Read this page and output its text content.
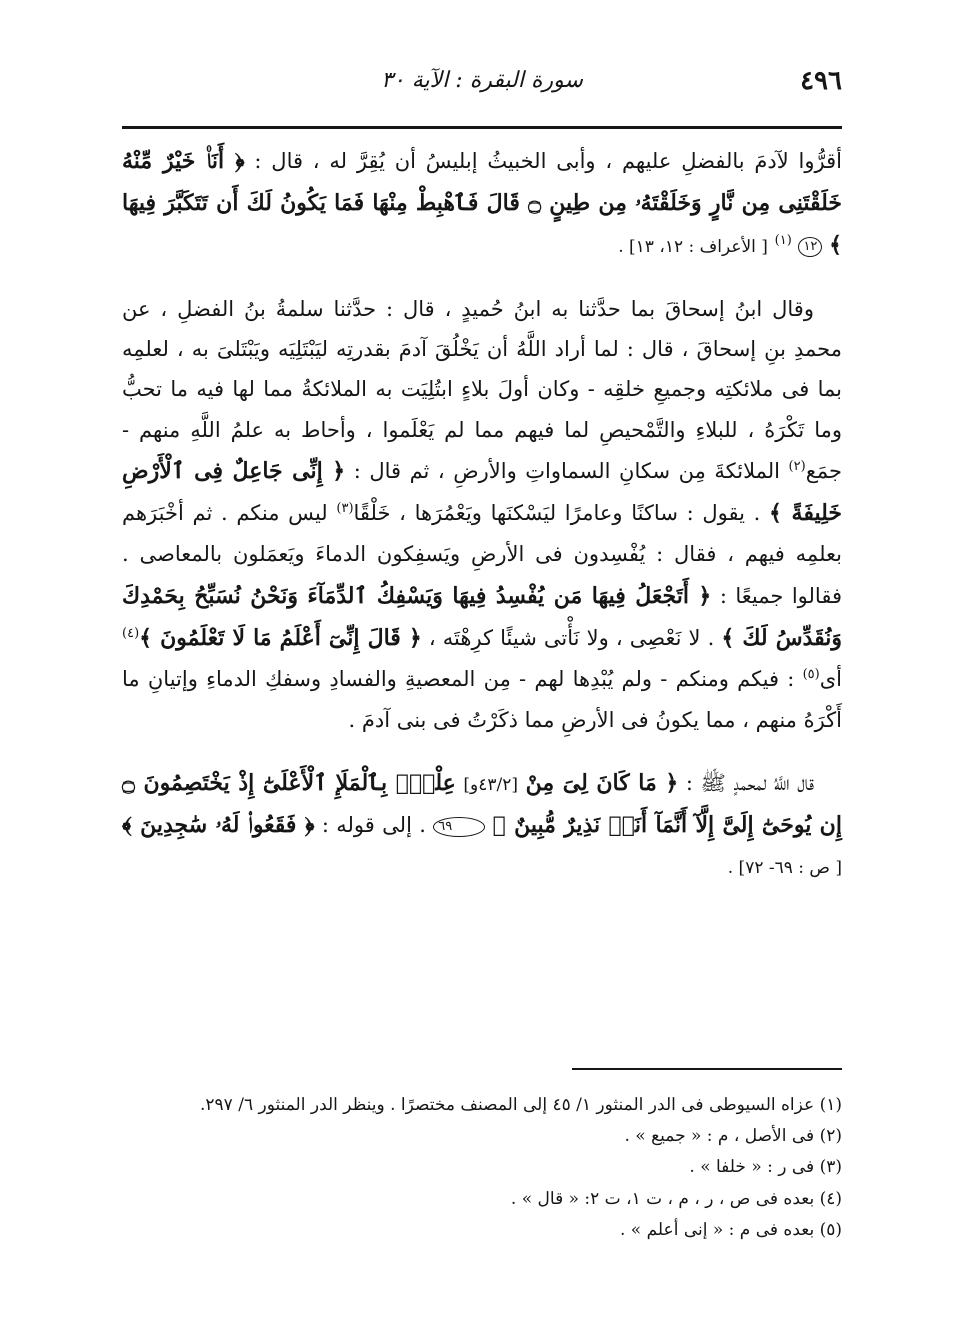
٤٩٦
سورة البقرة : الآية ٣٠

أقرُّوا لآدمَ بالفضلِ عليهم ، وأبى الخبيثُ إبليسُ أن يُقِرَّ له ، قال : ﴿ أَنَا۠ خَيْرٌ مِّنْهُ خَلَقْتَنِى مِن نَّارٍ وَخَلَقْتَهُۥ مِن طِينٍ ۝ قَالَ فَٱهْبِطْ مِنْهَا فَمَا يَكُونُ لَكَ أَن تَتَكَبَّرَ فِيهَا ﴾ ١٢ $^{(١)}$ [ الأعراف : ١٢، ١٣] .

وقال ابنُ إسحاقَ بما حدَّثنا به ابنُ حُميدٍ ، قال : حدَّثنا سلمةُ بنُ الفضلِ ، عن محمدِ بنِ إسحاقَ ، قال : لما أراد اللَّهُ أن يَخْلُقَ آدمَ بقدرتِه ليَبْتَلِيَه ويَبْتَلىَ به ، لعلمِه بما فى ملائكتِه وجميعِ خلقِه - وكان أولَ بلاءٍ ابتُلِيَت به الملائكةُ مما لها فيه ما تحبُّ وما تَكْرَهُ ، للبلاءِ والتَّمْحيصِ لما فيهم مما لم يَعْلَموا ، وأحاط به علمُ اللَّهِ منهم - جمَع$^{(٢)}$ الملائكةَ مِن سكانِ السماواتِ والأرضِ ، ثم قال : ﴿ إِنِّى جَاعِلٌ فِى ٱلْأَرْضِ خَلِيفَةً ﴾ . يقول : ساكنًا وعامرًا ليَسْكنَها ويَعْمُرَها ، خَلْقًا$^{(٣)}$ ليس منكم . ثم أخْبَرَهم بعلمِه فيهم ، فقال : يُفْسِدون فى الأرضِ ويَسفِكون الدماءَ ويَعمَلون بالمعاصى . فقالوا جميعًا : ﴿ أَتَجْعَلُ فِيهَا مَن يُفْسِدُ فِيهَا وَيَسْفِكُ ٱلدِّمَآءَ وَنَحْنُ نُسَبِّحُ بِحَمْدِكَ وَنُقَدِّسُ لَكَ ﴾ . لا نَعْصِى ، ولا نَأْتى شيئًا كرِهْتَه ، ﴿ قَالَ إِنِّىٓ أَعْلَمُ مَا لَا تَعْلَمُونَ ﴾$^{(٤)}$ أى$^{(٥)}$ : فيكم ومنكم - ولم يُبْدِها لهم - مِن المعصيةِ والفسادِ وسفكِ الدماءِ وإتيانِ ما أَكْرَهُ منهم ، مما يكونُ فى الأرضِ مما ذكَرْتُ فى بنى آدمَ .

قال اللَّهُ لمحمدٍ ﷺ : ﴿ مَا كَانَ لِىَ مِنْ [٤٣/٢و] عِلْمٍۭ بِٱلْمَلَإِ ٱلْأَعْلَىٰٓ إِذْ يَخْتَصِمُونَ ۝ إِن يُوحَىٰٓ إِلَىَّ إِلَّآ أَنَّمَآ أَنَا۠ نَذِيرٌ مُّبِينٌ ﴾ ٦٩ . إلى قوله : ﴿ فَقَعُوا۟ لَهُۥ سَٰجِدِينَ ﴾ [ ص : ٦٩- ٧٢] .

(١) عزاه السيوطى فى الدر المنثور ١/ ٤٥ إلى المصنف مختصرًا . وينظر الدر المنثور ٦/ ٢٩٧.
(٢) فى الأصل ، م : « جميع » .
(٣) فى ر : « خلفا » .
(٤) بعده فى ص ، ر ، م ، ت ١، ت ٢: « قال » .
(٥) بعده فى م : « إنى أعلم » .
